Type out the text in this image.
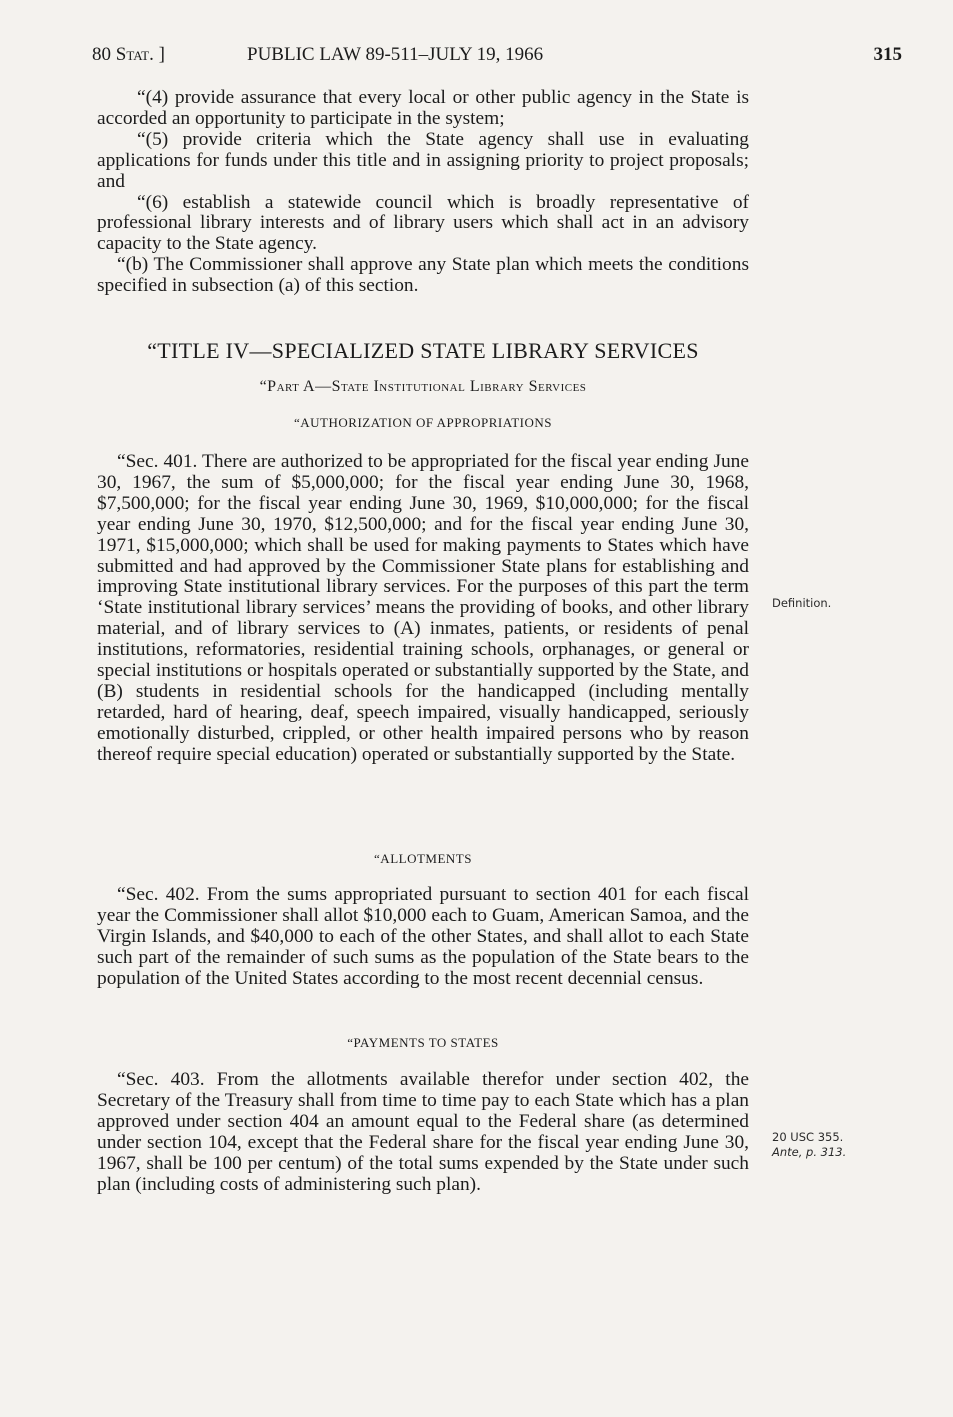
80 Stat. ]	PUBLIC LAW 89-511–JULY 19, 1966	315

“(4) provide assurance that every local or other public agency in the State is accorded an opportunity to participate in the system;

“(5) provide criteria which the State agency shall use in evaluating applications for funds under this title and in assigning priority to project proposals; and

“(6) establish a statewide council which is broadly representative of professional library interests and of library users which shall act in an advisory capacity to the State agency.

“(b) The Commissioner shall approve any State plan which meets the conditions specified in subsection (a) of this section.

“TITLE IV—SPECIALIZED STATE LIBRARY SERVICES
“Part A—State Institutional Library Services
“AUTHORIZATION OF APPROPRIATIONS

“Sec. 401. There are authorized to be appropriated for the fiscal year ending June 30, 1967, the sum of $5,000,000; for the fiscal year ending June 30, 1968, $7,500,000; for the fiscal year ending June 30, 1969, $10,000,000; for the fiscal year ending June 30, 1970, $12,500,000; and for the fiscal year ending June 30, 1971, $15,000,000; which shall be used for making payments to States which have submitted and had approved by the Commissioner State plans for establishing and improving State institutional library services. For the purposes of this part the term ‘State institutional library services’ means the providing of books, and other library material, and of library services to (A) inmates, patients, or residents of penal institutions, reformatories, residential training schools, orphanages, or general or special institutions or hospitals operated or substantially supported by the State, and (B) students in residential schools for the handicapped (including mentally retarded, hard of hearing, deaf, speech impaired, visually handicapped, seriously emotionally disturbed, crippled, or other health impaired persons who by reason thereof require special education) operated or substantially supported by the State.

Definition.
“ALLOTMENTS

“Sec. 402. From the sums appropriated pursuant to section 401 for each fiscal year the Commissioner shall allot $10,000 each to Guam, American Samoa, and the Virgin Islands, and $40,000 to each of the other States, and shall allot to each State such part of the remainder of such sums as the population of the State bears to the population of the United States according to the most recent decennial census.

“PAYMENTS TO STATES

“Sec. 403. From the allotments available therefor under section 402, the Secretary of the Treasury shall from time to time pay to each State which has a plan approved under section 404 an amount equal to the Federal share (as determined under section 104, except that the Federal share for the fiscal year ending June 30, 1967, shall be 100 per centum) of the total sums expended by the State under such plan (including costs of administering such plan).

20 USC 355.
Ante, p. 313.
